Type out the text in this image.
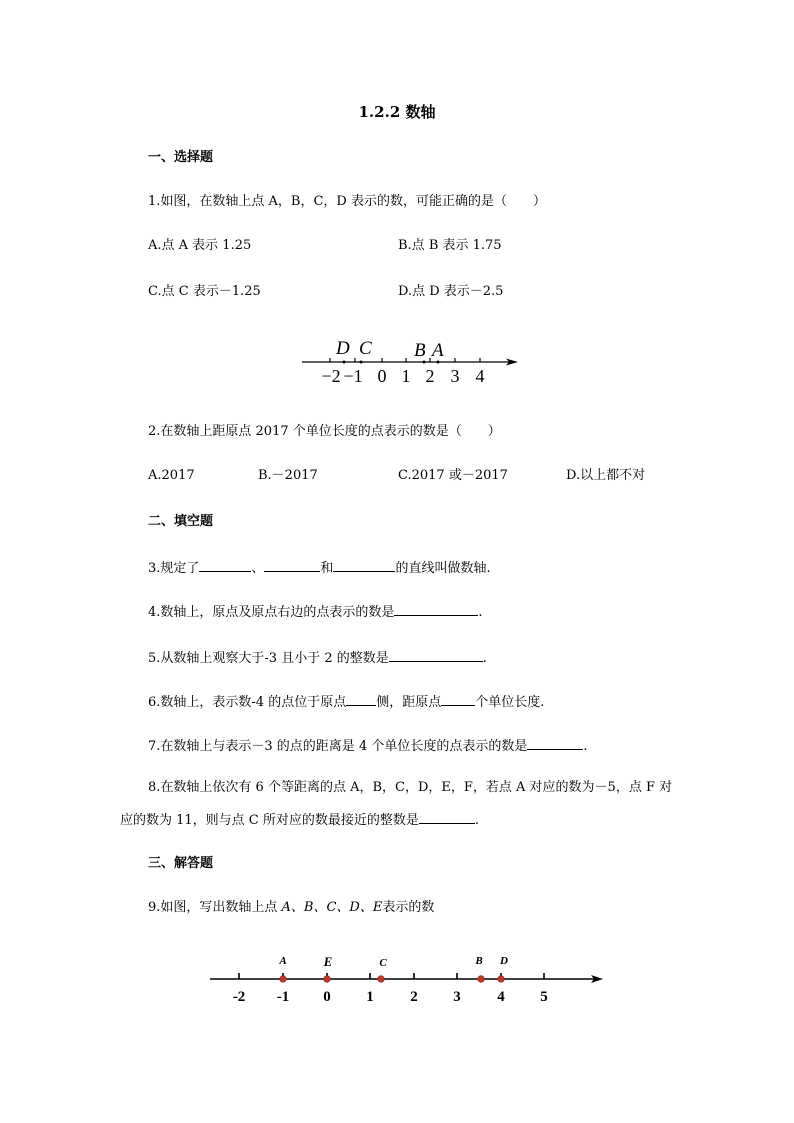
1.2.2 数轴
一、选择题
1.如图，在数轴上点 A，B，C，D 表示的数，可能正确的是（　　）
A.点 A 表示 1.25	B.点 B 表示 1.75
C.点 C 表示－1.25	D.点 D 表示－2.5
D C B A
−2 −1 0 1 2 3 4
2.在数轴上距原点 2017 个单位长度的点表示的数是（　　）
A.2017	B.－2017	C.2017 或－2017	D.以上都不对
二、填空题
3.规定了	、	和	的直线叫做数轴.
4.数轴上，原点及原点右边的点表示的数是	.
5.从数轴上观察大于-3 且小于 2 的整数是	.
6.数轴上，表示数-4 的点位于原点 侧，距原点	个单位长度.
7.在数轴上与表示－3 的点的距离是 4 个单位长度的点表示的数是	.
8.在数轴上依次有 6 个等距离的点 A，B，C，D，E，F，若点 A 对应的数为－5，点 F 对
应的数为 11，则与点 C 所对应的数最接近的整数是	.
三、解答题
9.如图，写出数轴上点 A、B、C、D、E表示的数
A	E	C	B D
-2 -1 0 1 2 3 4 5
